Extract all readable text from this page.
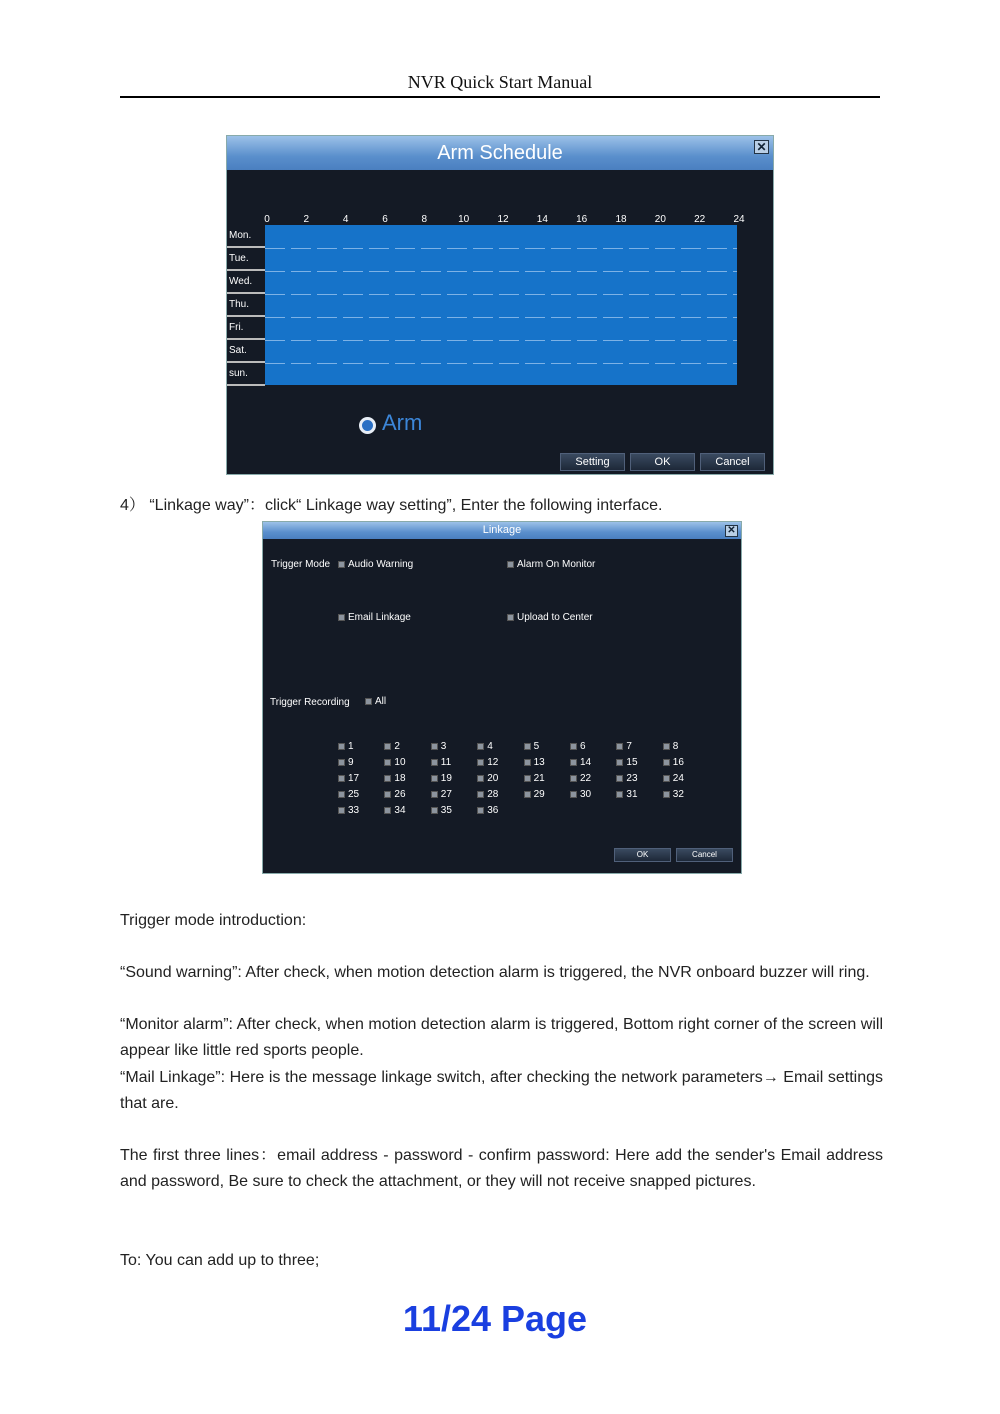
NVR Quick Start Manual
Arm Schedule	✕
0	2	4	6	8	10	12	14	16	18	20	22	24
Mon.
Tue.
Wed.
Thu.
Fri.
Sat.
sun.
Arm
Setting	OK	Cancel
4） “Linkage way”：click“ Linkage way setting”, Enter the following interface.
Linkage	✕
Trigger Mode	Audio Warning	Alarm On Monitor
Email Linkage	Upload to Center
Trigger Recording	All
1	2	3	4	5	6	7	8
9	10	11	12	13	14	15	16
17	18	19	20	21	22	23	24
25	26	27	28	29	30	31	32
33	34	35	36
OK	Cancel
Trigger mode introduction:
“Sound warning”: After check, when motion detection alarm is triggered, the NVR onboard buzzer will ring.
“Monitor alarm”: After check, when motion detection alarm is triggered, Bottom right corner of the screen will appear like little red sports people.
“Mail Linkage”: Here is the message linkage switch, after checking the network parameters→ Email settings that are.
The first three lines：email address - password - confirm password: Here add the sender's Email address and password, Be sure to check the attachment, or they will not receive snapped pictures.
To: You can add up to three;
11/24 Page
